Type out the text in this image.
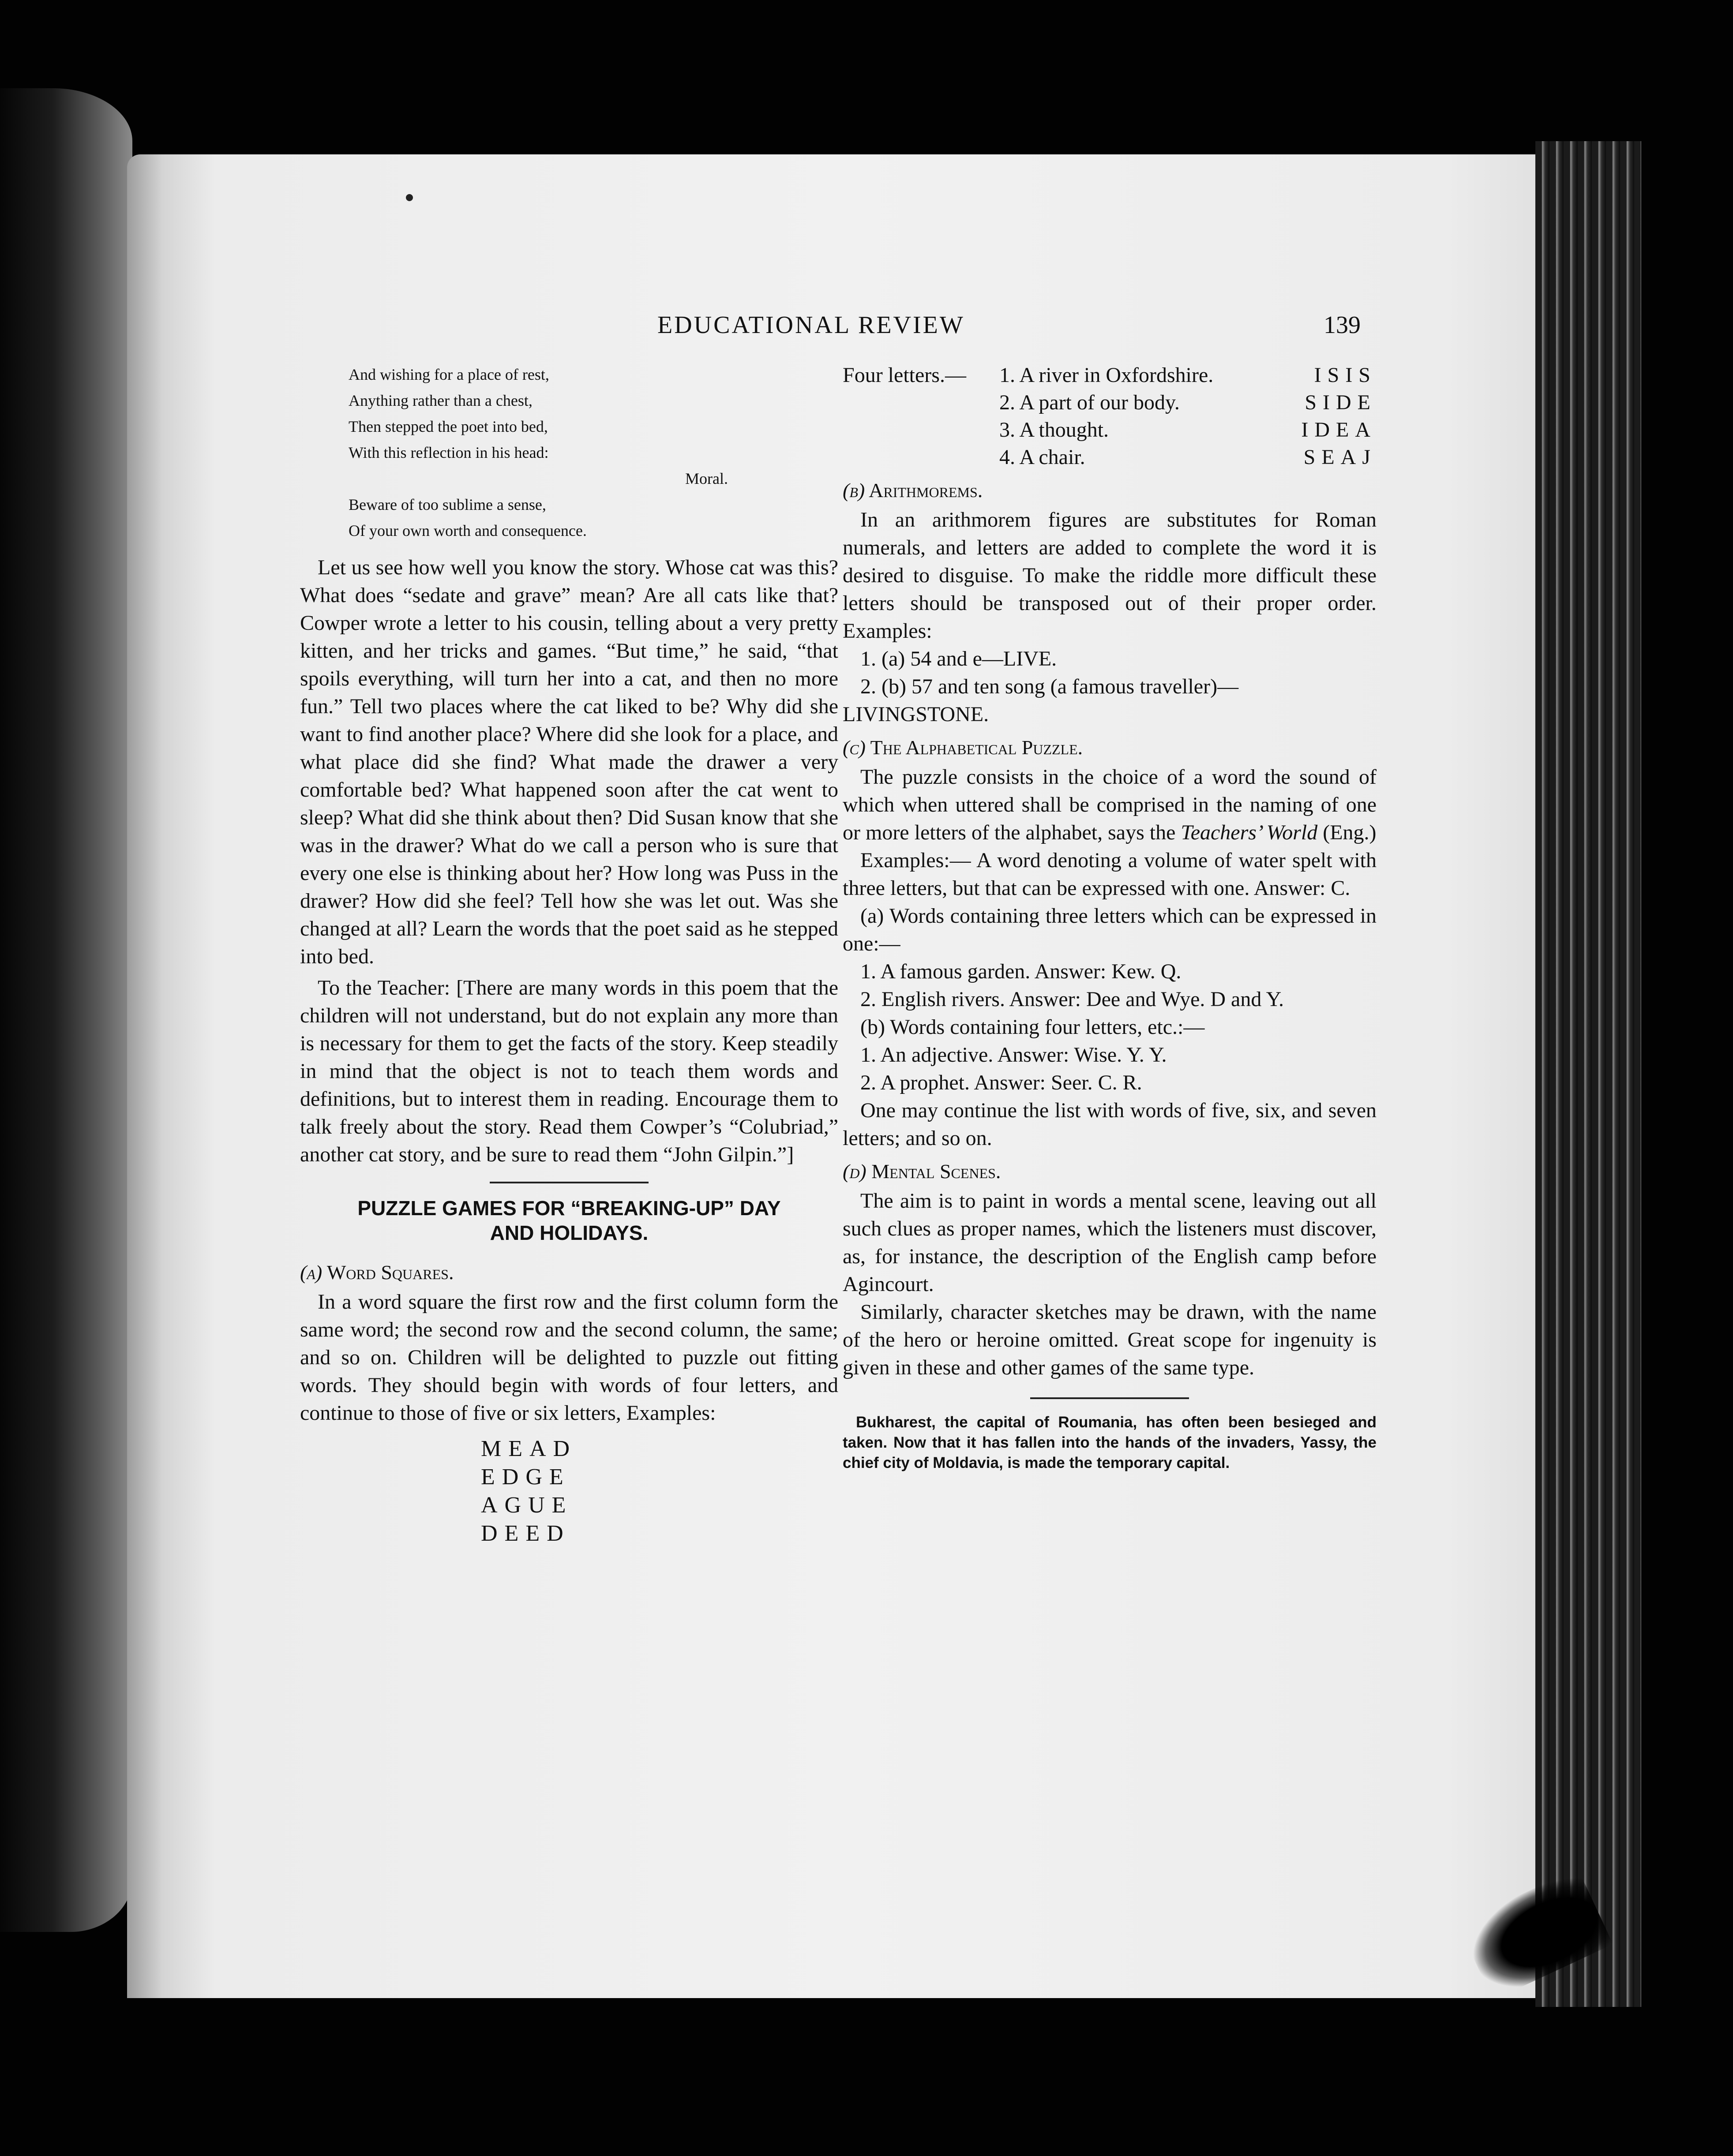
EDUCATIONAL REVIEW	139
And wishing for a place of rest,
Anything rather than a chest,
Then stepped the poet into bed,
With this reflection in his head:
Moral.
Beware of too sublime a sense,
Of your own worth and consequence.

Let us see how well you know the story. Whose cat was this? What does “sedate and grave” mean? Are all cats like that? Cowper wrote a letter to his cousin, telling about a very pretty kitten, and her tricks and games. “But time,” he said, “that spoils everything, will turn her into a cat, and then no more fun.” Tell two places where the cat liked to be? Why did she want to find another place? Where did she look for a place, and what place did she find? What made the drawer a very comfortable bed? What happened soon after the cat went to sleep? What did she think about then? Did Susan know that she was in the drawer? What do we call a person who is sure that every one else is thinking about her? How long was Puss in the drawer? How did she feel? Tell how she was let out. Was she changed at all? Learn the words that the poet said as he stepped into bed.

To the Teacher: [There are many words in this poem that the children will not understand, but do not explain any more than is necessary for them to get the facts of the story. Keep steadily in mind that the object is not to teach them words and definitions, but to interest them in reading. Encourage them to talk freely about the story. Read them Cowper’s “Colubriad,” another cat story, and be sure to read them “John Gilpin.”]

PUZZLE GAMES FOR “BREAKING-UP” DAY
AND HOLIDAYS.

(a) Word Squares.

In a word square the first row and the first column form the same word; the second row and the second column, the same; and so on. Children will be delighted to puzzle out fitting words. They should begin with words of four letters, and continue to those of five or six letters, Examples:

MEAD
EDGE
AGUE
DEED
Four letters.—	1. A river in Oxfordshire.	ISIS
2. A part of our body.	SIDE
3. A thought.	IDEA
4. A chair.	SEAJ

(b) Arithmorems.

In an arithmorem figures are substitutes for Roman numerals, and letters are added to complete the word it is desired to disguise. To make the riddle more difficult these letters should be transposed out of their proper order. Examples:

1. (a) 54 and e—LIVE.

2. (b) 57 and ten song (a famous traveller)—

LIVINGSTONE.

(c) The Alphabetical Puzzle.

The puzzle consists in the choice of a word the sound of which when uttered shall be comprised in the naming of one or more letters of the alphabet, says the Teachers’ World (Eng.)

Examples:— A word denoting a volume of water spelt with three letters, but that can be expressed with one. Answer: C.

(a) Words containing three letters which can be expressed in one:—

1. A famous garden. Answer: Kew. Q.

2. English rivers. Answer: Dee and Wye. D and Y.

(b) Words containing four letters, etc.:—

1. An adjective. Answer: Wise. Y. Y.

2. A prophet. Answer: Seer. C. R.

One may continue the list with words of five, six, and seven letters; and so on.

(d) Mental Scenes.

The aim is to paint in words a mental scene, leaving out all such clues as proper names, which the listeners must discover, as, for instance, the description of the English camp before Agincourt.

Similarly, character sketches may be drawn, with the name of the hero or heroine omitted. Great scope for ingenuity is given in these and other games of the same type.

Bukharest, the capital of Roumania, has often been besieged and taken. Now that it has fallen into the hands of the invaders, Yassy, the chief city of Moldavia, is made the temporary capital.
